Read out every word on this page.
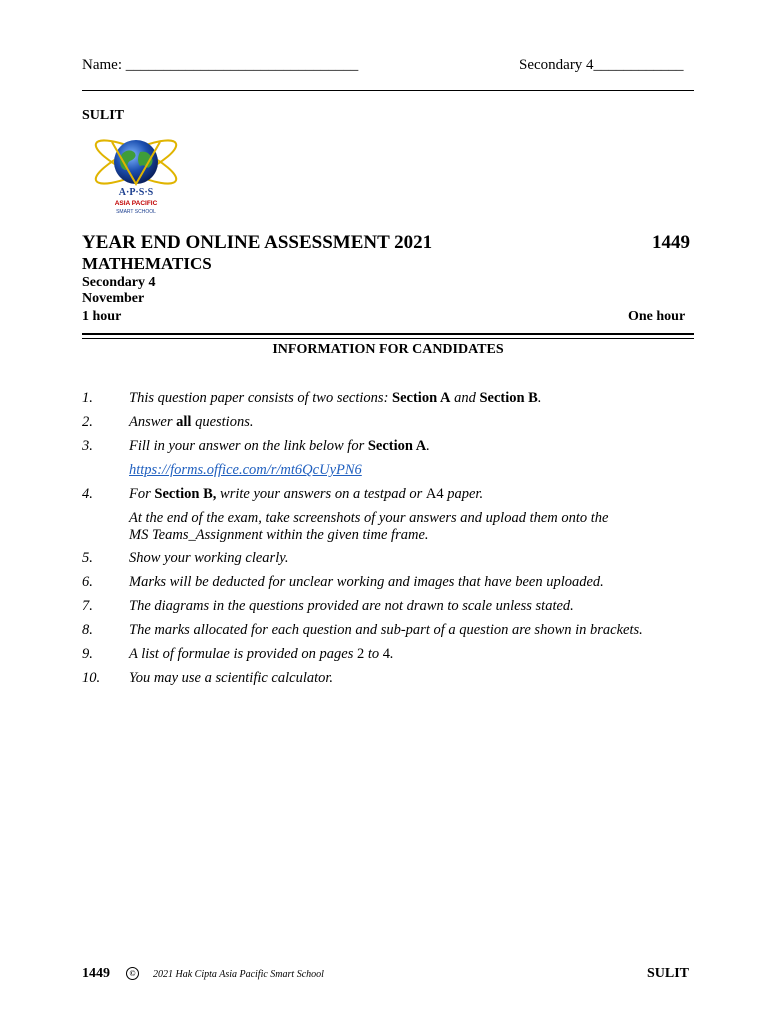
Name: _______________________________	Secondary 4____________
SULIT
A·P·S·S
ASIA PACIFIC
SMART SCHOOL
YEAR END ONLINE ASSESSMENT 2021	1449
MATHEMATICS
Secondary 4
November
1 hour	One hour
INFORMATION FOR CANDIDATES
1. This question paper consists of two sections: Section A and Section B.
2. Answer all questions.
3. Fill in your answer on the link below for Section A.
https://forms.office.com/r/mt6QcUyPN6
4. For Section B, write your answers on a testpad or A4 paper.
At the end of the exam, take screenshots of your answers and upload them onto the
MS Teams_Assignment within the given time frame.
5. Show your working clearly.
6. Marks will be deducted for unclear working and images that have been uploaded.
7. The diagrams in the questions provided are not drawn to scale unless stated.
8. The marks allocated for each question and sub-part of a question are shown in brackets.
9. A list of formulae is provided on pages 2 to 4.
10. You may use a scientific calculator.
1449	©	2021 Hak Cipta Asia Pacific Smart School	SULIT
